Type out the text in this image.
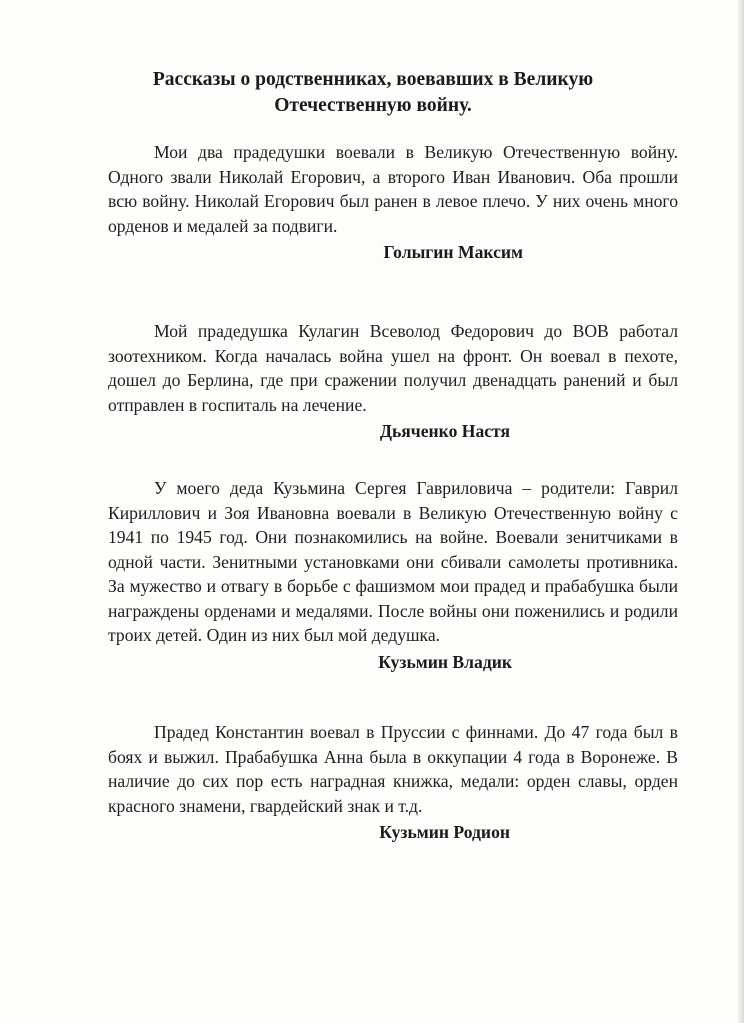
Рассказы о родственниках, воевавших в Великую Отечественную войну.

Мои два прадедушки воевали в Великую Отечественную войну. Одного звали Николай Егорович, а второго Иван Иванович. Оба прошли всю войну. Николай Егорович был ранен в левое плечо. У них очень много орденов и медалей за подвиги.

Голыгин Максим

Мой прадедушка Кулагин Всеволод Федорович до ВОВ работал зоотехником. Когда началась война ушел на фронт. Он воевал в пехоте, дошел до Берлина, где при сражении получил двенадцать ранений и был отправлен в госпиталь на лечение.

Дьяченко Настя

У моего деда Кузьмина Сергея Гавриловича – родители: Гаврил Кириллович и Зоя Ивановна воевали в Великую Отечественную войну с 1941 по 1945 год. Они познакомились на войне. Воевали зенитчиками в одной части. Зенитными установками они сбивали самолеты противника. За мужество и отвагу в борьбе с фашизмом мои прадед и прабабушка были награждены орденами и медалями. После войны они поженились и родили троих детей. Один из них был мой дедушка.

Кузьмин Владик

Прадед Константин воевал в Пруссии с финнами. До 47 года был в боях и выжил. Прабабушка Анна была в оккупации 4 года в Воронеже. В наличие до сих пор есть наградная книжка, медали: орден славы, орден красного знамени, гвардейский знак и т.д.

Кузьмин Родион
